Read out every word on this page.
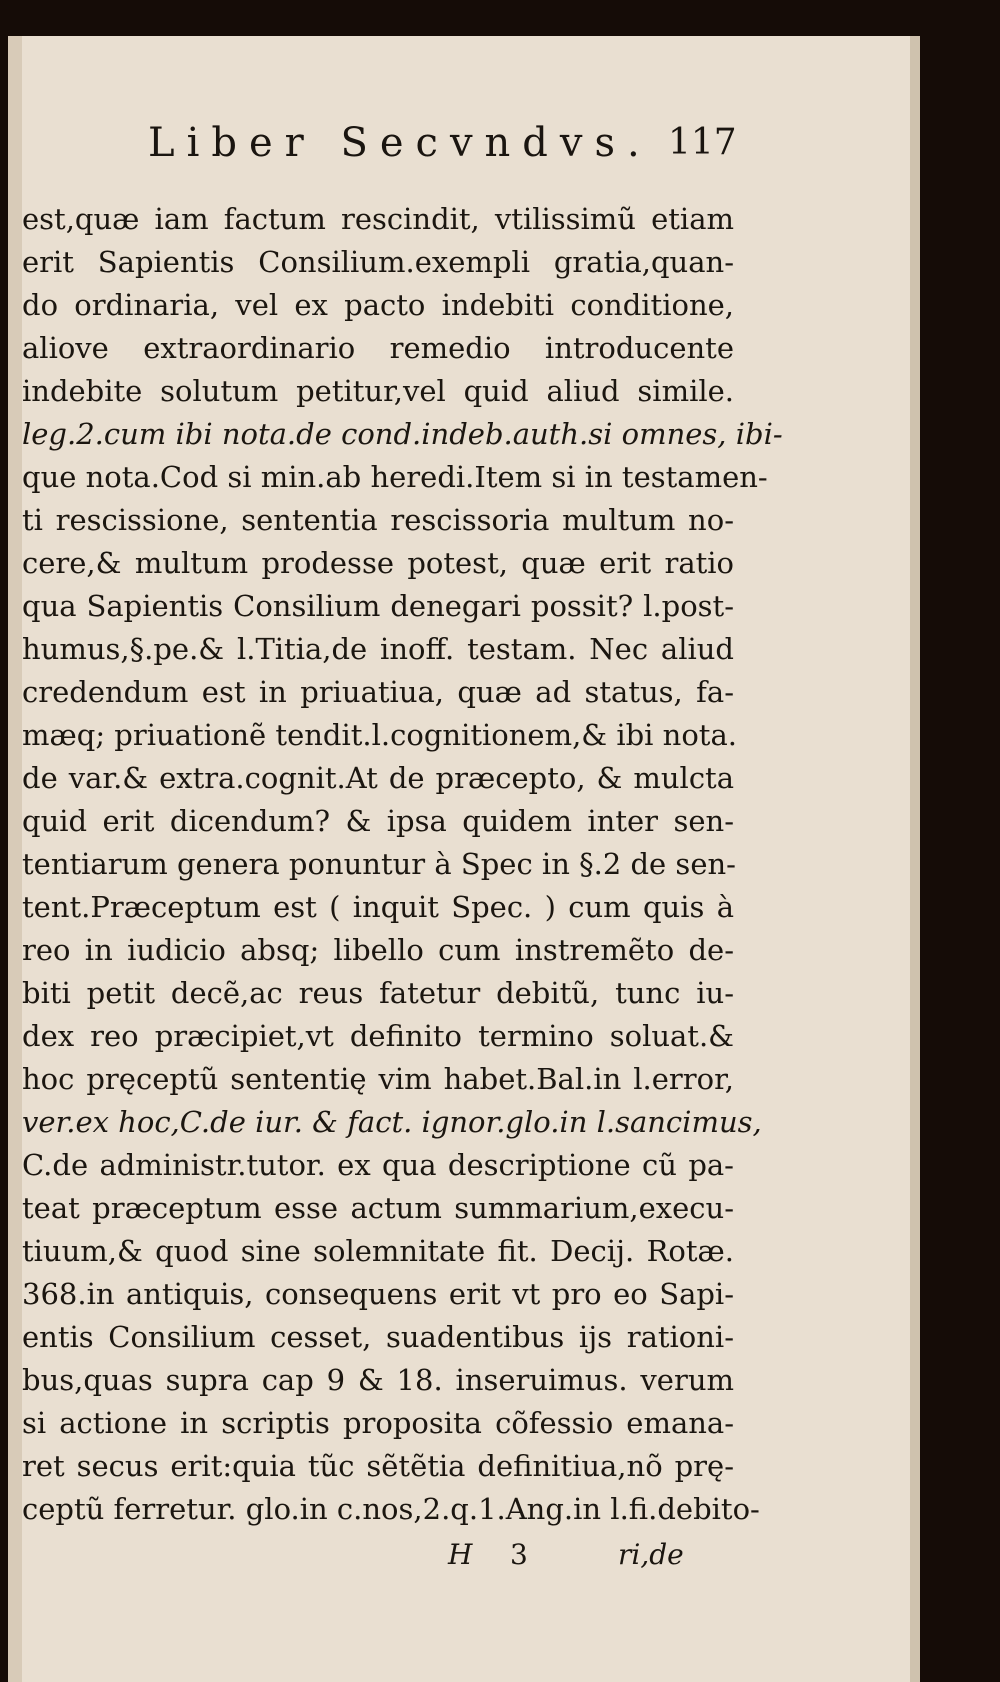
Liber Secvndvs. 117
est,quæ iam factum rescindit, vtilissimũ etiam
erit Sapientis Consilium.exempli gratia,quan-
do ordinaria, vel ex pacto indebiti conditione,
aliove extraordinario remedio introducente
indebite solutum petitur,vel quid aliud simile.
leg.2.cum ibi nota.de cond.indeb.auth.si omnes, ibi-
que nota.Cod si min.ab heredi.Item si in testamen-
ti rescissione, sententia rescissoria multum no-
cere,& multum prodesse potest, quæ erit ratio
qua Sapientis Consilium denegari possit? l.post-
humus,§.pe.& l.Titia,de inoff. testam. Nec aliud
credendum est in priuatiua, quæ ad status, fa-
mæq; priuationẽ tendit.l.cognitionem,& ibi nota.
de var.& extra.cognit.At de præcepto, & mulcta
quid erit dicendum? & ipsa quidem inter sen-
tentiarum genera ponuntur à Spec in §.2 de sen-
tent.Præceptum est ( inquit Spec. ) cum quis à
reo in iudicio absq; libello cum instremẽto de-
biti petit decẽ,ac reus fatetur debitũ, tunc iu-
dex reo præcipiet,vt definito termino soluat.&
hoc pręceptũ sententię vim habet.Bal.in l.error,
ver.ex hoc,C.de iur. & fact. ignor.glo.in l.sancimus,
C.de administr.tutor. ex qua descriptione cũ pa-
teat præceptum esse actum summarium,execu-
tiuum,& quod sine solemnitate fit. Decij. Rotæ.
368.in antiquis, consequens erit vt pro eo Sapi-
entis Consilium cesset, suadentibus ijs rationi-
bus,quas supra cap 9 & 18. inseruimus. verum
si actione in scriptis proposita cõfessio emana-
ret secus erit:quia tũc sẽtẽtia definitiua,nõ prę-
ceptũ ferretur. glo.in c.nos,2.q.1.Ang.in l.fi.debito-
H 3	ri,de
